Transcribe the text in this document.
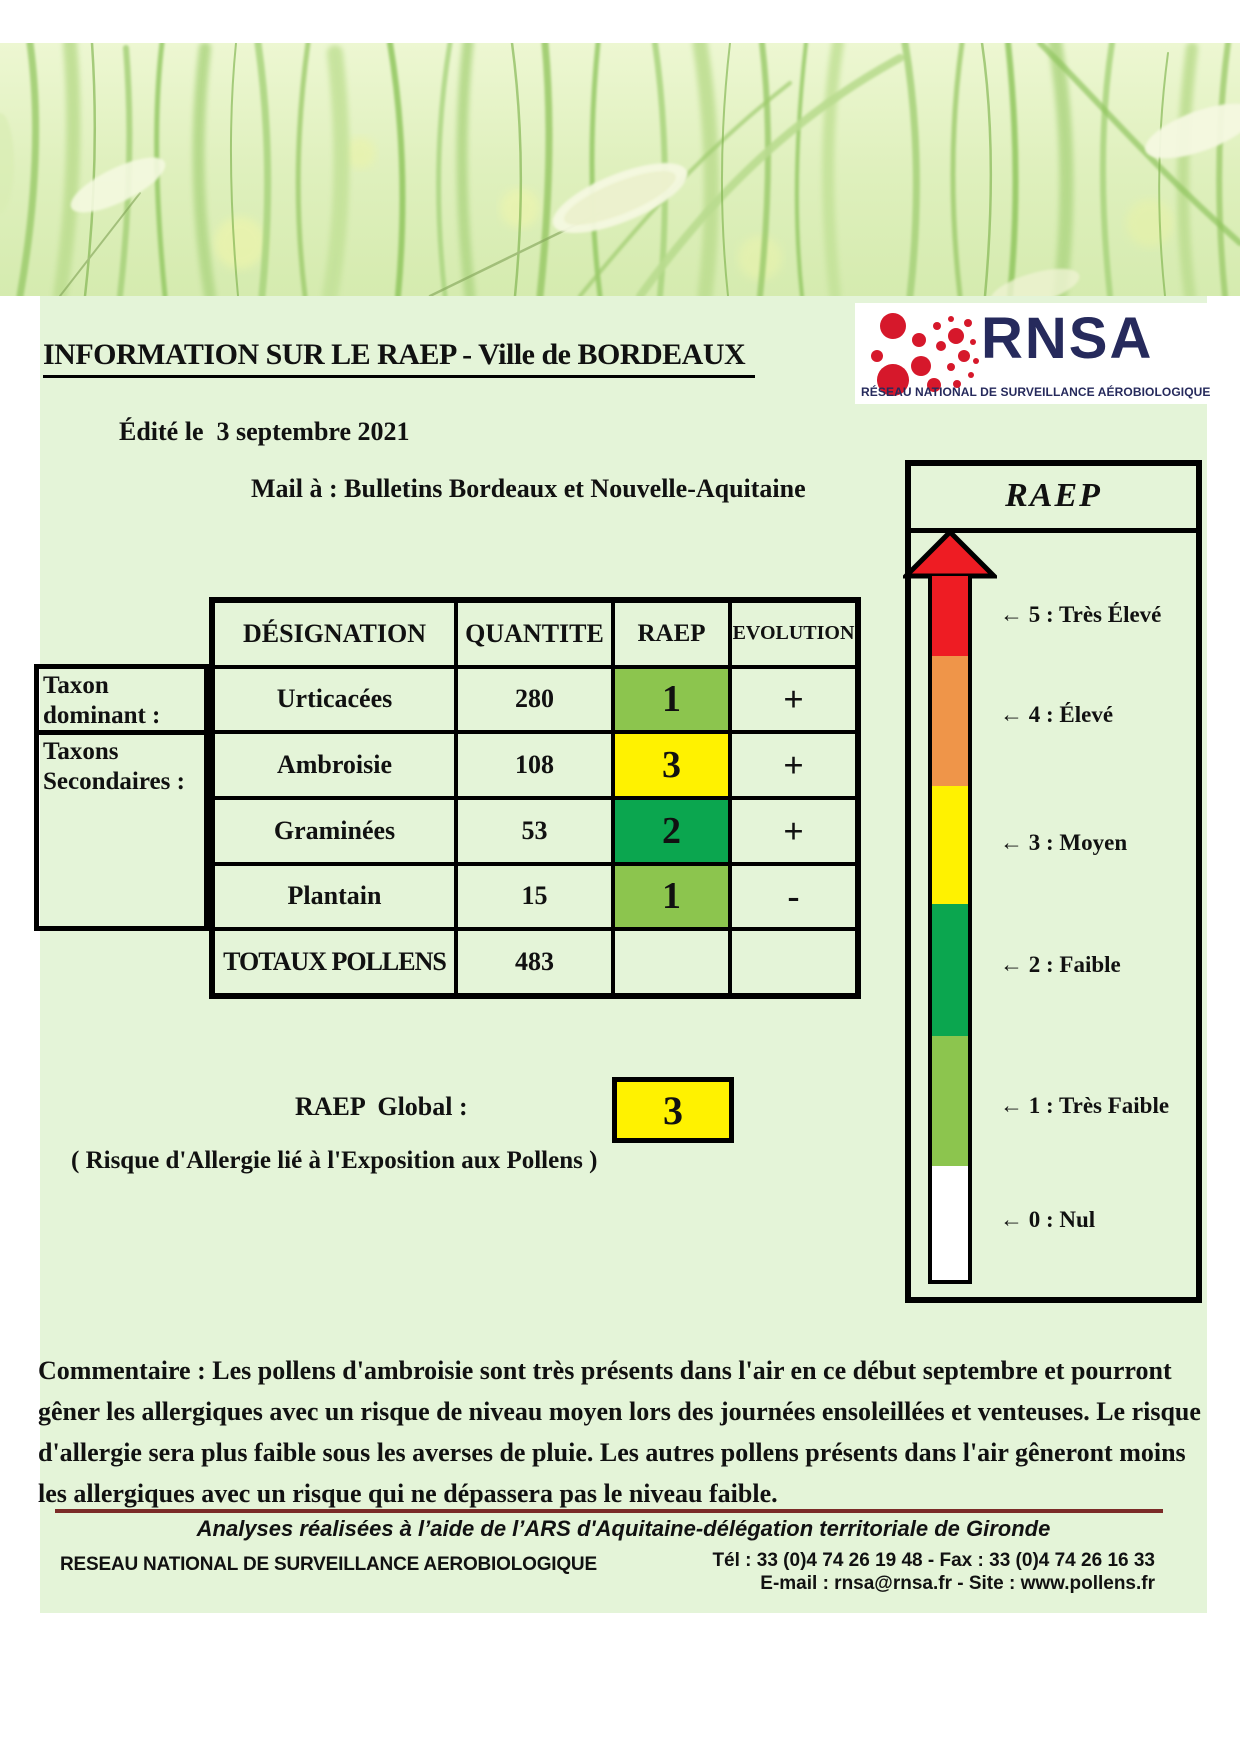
INFORMATION SUR LE RAEP - Ville de BORDEAUX	RNSA
RÉSEAU NATIONAL DE SURVEILLANCE AÉROBIOLOGIQUE
Édité le  3 septembre 2021
Mail à : Bulletins Bordeaux et Nouvelle-Aquitaine
Taxon dominant :
Taxons Secondaires :
DÉSIGNATION	QUANTITE	RAEP	EVOLUTION
Urticacées	280	1	+
Ambroisie	108	3	+
Graminées	53	2	+
Plantain	15	1	-
TOTAUX POLLENS	483
RAEP  Global :	3
( Risque d'Allergie lié à l'Exposition aux Pollens )
RAEP
← 5 : Très Élevé
← 4 : Élevé
← 3 : Moyen
← 2 : Faible
← 1 : Très Faible
← 0 : Nul
Commentaire : Les pollens d'ambroisie sont très présents dans l'air en ce début septembre et pourront gêner les allergiques avec un risque de niveau moyen lors des journées ensoleillées et venteuses. Le risque d'allergie sera plus faible sous les averses de pluie. Les autres pollens présents dans l'air gêneront moins les allergiques avec un risque qui ne dépassera pas le niveau faible.
Analyses réalisées à l’aide de l’ARS d'Aquitaine-délégation territoriale de Gironde
RESEAU NATIONAL DE SURVEILLANCE AEROBIOLOGIQUE	Tél : 33 (0)4 74 26 19 48 - Fax : 33 (0)4 74 26 16 33
E-mail : rnsa@rnsa.fr - Site : www.pollens.fr
